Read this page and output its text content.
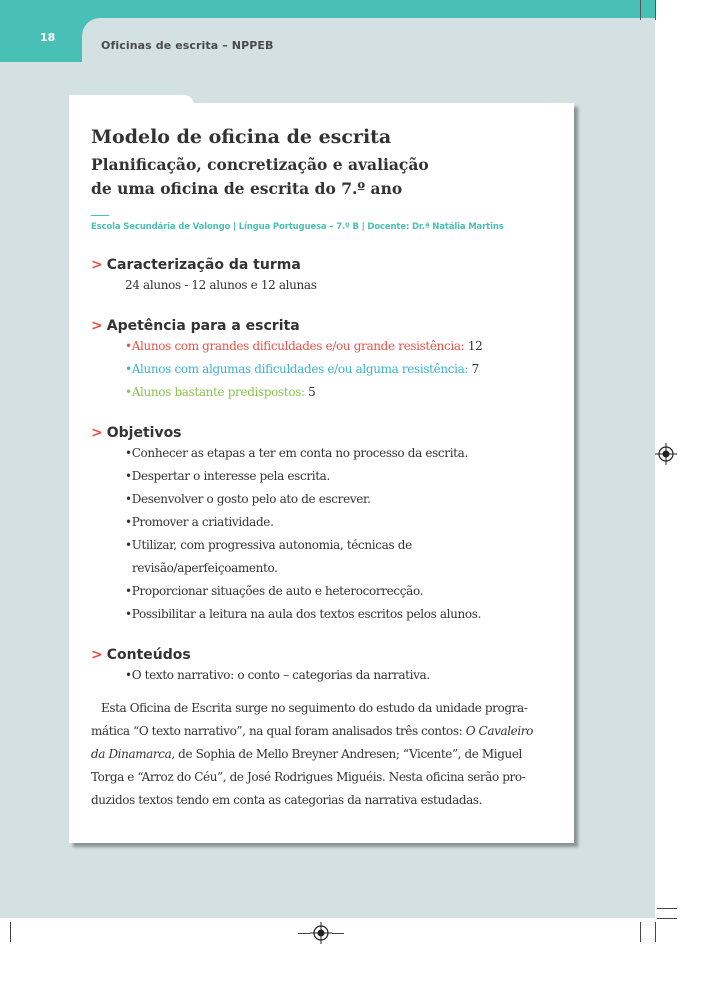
18
Oficinas de escrita – NPPEB
Modelo de oficina de escrita
Planificação, concretização e avaliação
de uma oficina de escrita do 7.º ano
Escola Secundária de Valongo | Língua Portuguesa – 7.º B | Docente: Dr.ª Natália Martins
> Caracterização da turma
24 alunos - 12 alunos e 12 alunas
> Apetência para a escrita
•Alunos com grandes dificuldades e/ou grande resistência: 12
•Alunos com algumas dificuldades e/ou alguma resistência: 7
•Alunos bastante predispostos: 5
> Objetivos
•Conhecer as etapas a ter em conta no processo da escrita.
•Despertar o interesse pela escrita.
•Desenvolver o gosto pelo ato de escrever.
•Promover a criatividade.
•Utilizar, com progressiva autonomia, técnicas de
revisão/aperfeiçoamento.
•Proporcionar situações de auto e heterocorrecção.
•Possibilitar a leitura na aula dos textos escritos pelos alunos.
> Conteúdos
•O texto narrativo: o conto – categorias da narrativa.
Esta Oficina de Escrita surge no seguimento do estudo da unidade progra-
mática “O texto narrativo”, na qual foram analisados três contos: O Cavaleiro
da Dinamarca, de Sophia de Mello Breyner Andresen; “Vicente”, de Miguel
Torga e “Arroz do Céu”, de José Rodrigues Miguéis. Nesta oficina serão pro-
duzidos textos tendo em conta as categorias da narrativa estudadas.
